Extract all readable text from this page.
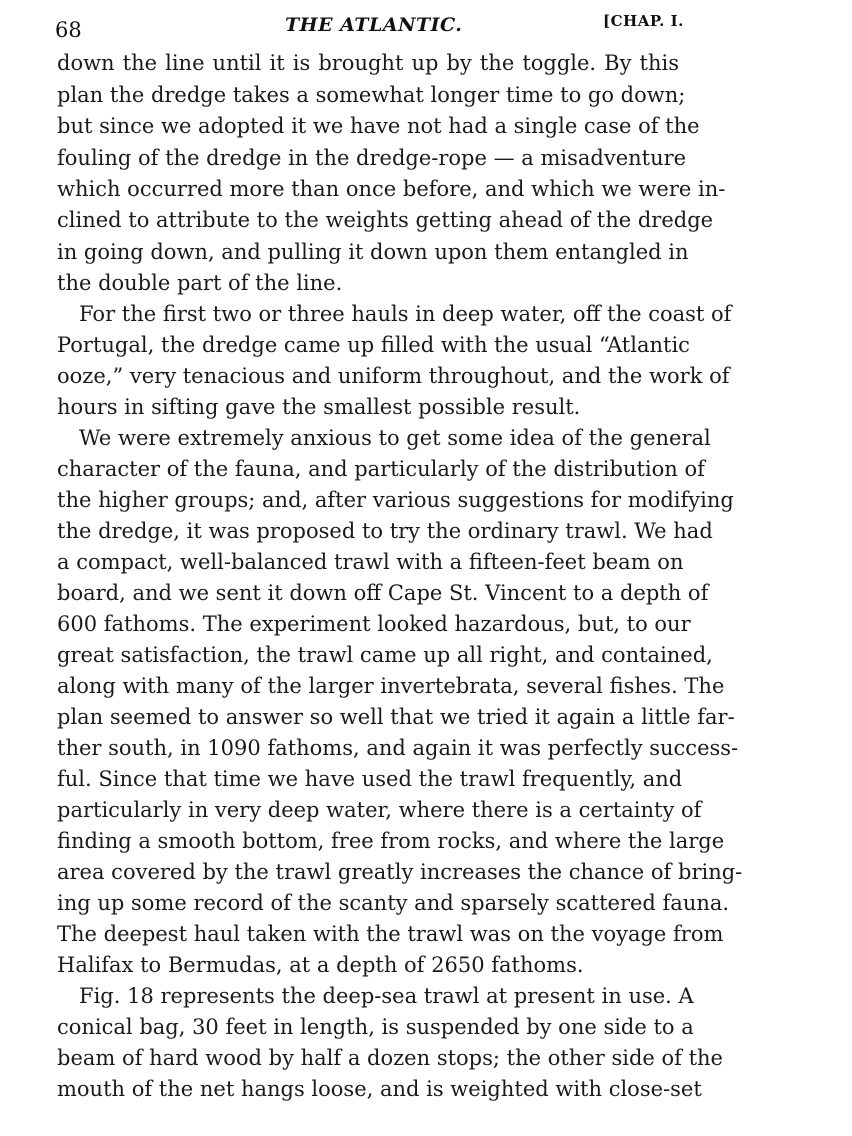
68	THE ATLANTIC.	[CHAP. I.
down the line until it is brought up by the toggle. By this
plan the dredge takes a somewhat longer time to go down;
but since we adopted it we have not had a single case of the
fouling of the dredge in the dredge-rope — a misadventure
which occurred more than once before, and which we were in-
clined to attribute to the weights getting ahead of the dredge
in going down, and pulling it down upon them entangled in
the double part of the line.
For the first two or three hauls in deep water, off the coast of
Portugal, the dredge came up filled with the usual “Atlantic
ooze,” very tenacious and uniform throughout, and the work of
hours in sifting gave the smallest possible result.
We were extremely anxious to get some idea of the general
character of the fauna, and particularly of the distribution of
the higher groups; and, after various suggestions for modifying
the dredge, it was proposed to try the ordinary trawl. We had
a compact, well-balanced trawl with a fifteen-feet beam on
board, and we sent it down off Cape St. Vincent to a depth of
600 fathoms. The experiment looked hazardous, but, to our
great satisfaction, the trawl came up all right, and contained,
along with many of the larger invertebrata, several fishes. The
plan seemed to answer so well that we tried it again a little far-
ther south, in 1090 fathoms, and again it was perfectly success-
ful. Since that time we have used the trawl frequently, and
particularly in very deep water, where there is a certainty of
finding a smooth bottom, free from rocks, and where the large
area covered by the trawl greatly increases the chance of bring-
ing up some record of the scanty and sparsely scattered fauna.
The deepest haul taken with the trawl was on the voyage from
Halifax to Bermudas, at a depth of 2650 fathoms.
Fig. 18 represents the deep-sea trawl at present in use. A
conical bag, 30 feet in length, is suspended by one side to a
beam of hard wood by half a dozen stops; the other side of the
mouth of the net hangs loose, and is weighted with close-set
